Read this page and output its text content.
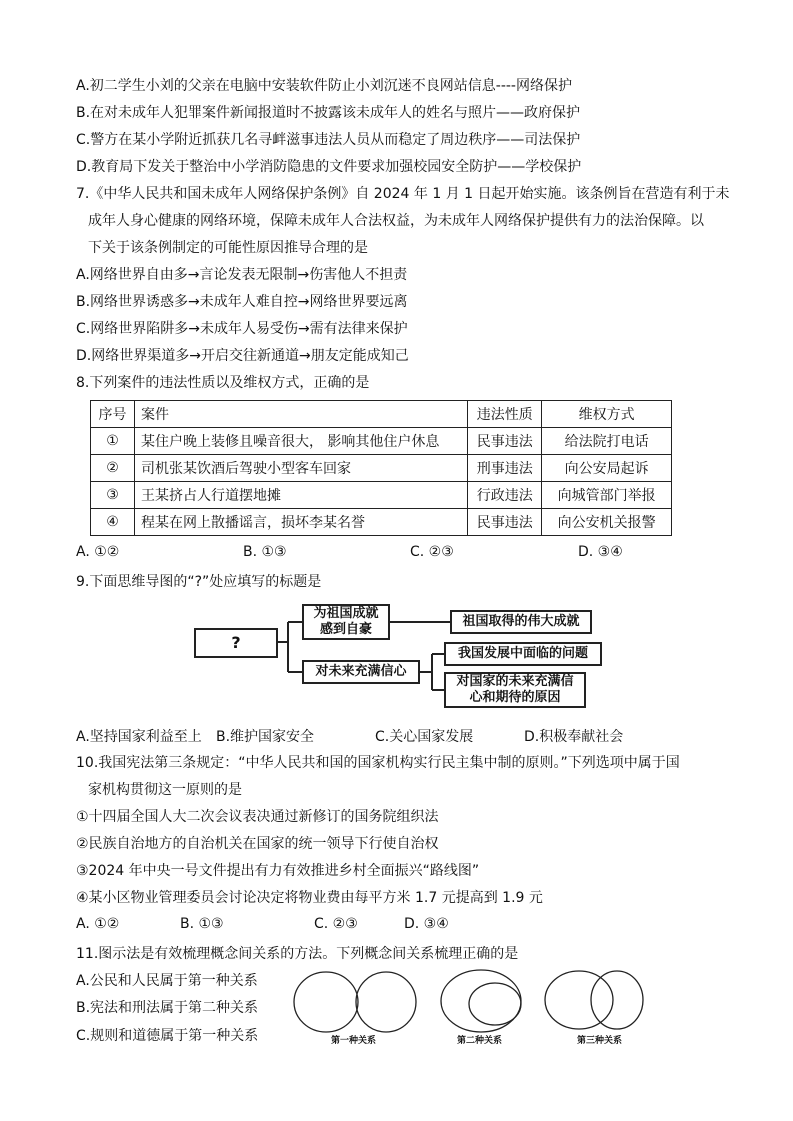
A.初二学生小刘的父亲在电脑中安装软件防止小刘沉迷不良网站信息----网络保护
B.在对未成年人犯罪案件新闻报道时不披露该未成年人的姓名与照片——政府保护
C.警方在某小学附近抓获几名寻衅滋事违法人员从而稳定了周边秩序——司法保护
D.教育局下发关于整治中小学消防隐患的文件要求加强校园安全防护——学校保护
7.《中华人民共和国未成年人网络保护条例》自 2024 年 1 月 1 日起开始实施。该条例旨在营造有利于未
成年人身心健康的网络环境，保障未成年人合法权益，为未成年人网络保护提供有力的法治保障。以
下关于该条例制定的可能性原因推导合理的是
A.网络世界自由多→言论发表无限制→伤害他人不担责
B.网络世界诱惑多→未成年人难自控→网络世界要远离
C.网络世界陷阱多→未成年人易受伤→需有法律来保护
D.网络世界渠道多→开启交往新通道→朋友定能成知己
8.下列案件的违法性质以及维权方式，正确的是
序号	案件	违法性质	维权方式
①	某住户晚上装修且噪音很大， 影响其他住户休息	民事违法	给法院打电话
②	司机张某饮酒后驾驶小型客车回家	刑事违法	向公安局起诉
③	王某挤占人行道摆地摊	行政违法	向城管部门举报
④	程某在网上散播谣言，损坏李某名誉	民事违法	向公安机关报警
A. ①②	B. ①③	C. ②③	D. ③④
9.下面思维导图的“?”处应填写的标题是
?
为祖国成就感到自豪
祖国取得的伟大成就
对未来充满信心
我国发展中面临的问题
对国家的未来充满信心和期待的原因
A.坚持国家利益至上 B.维护国家安全	C.关心国家发展	D.积极奉献社会
10.我国宪法第三条规定：“中华人民共和国的国家机构实行民主集中制的原则。”下列选项中属于国
家机构贯彻这一原则的是
①十四届全国人大二次会议表决通过新修订的国务院组织法
②民族自治地方的自治机关在国家的统一领导下行使自治权
③2024 年中央一号文件提出有力有效推进乡村全面振兴“路线图”
④某小区物业管理委员会讨论决定将物业费由每平方米 1.7 元提高到 1.9 元
A. ①②	B. ①③	C. ②③	D. ③④
11.图示法是有效梳理概念间关系的方法。下列概念间关系梳理正确的是
A.公民和人民属于第一种关系
B.宪法和刑法属于第二种关系
C.规则和道德属于第一种关系	第一种关系	第二种关系	第三种关系
